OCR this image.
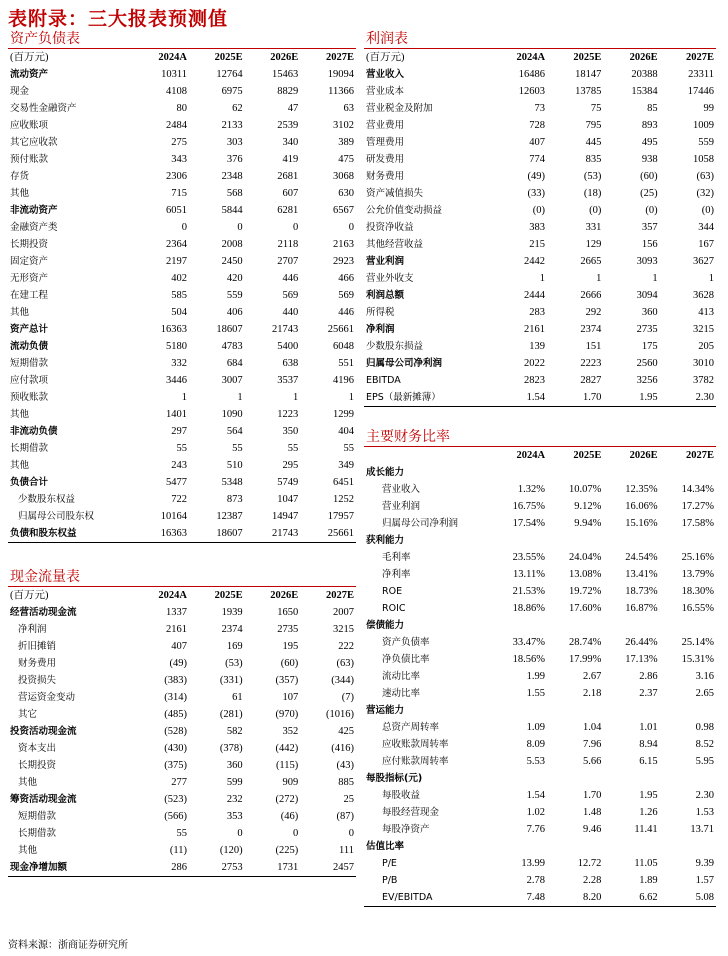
表附录：三大报表预测值
资产负债表
(百万元)	2024A	2025E	2026E	2027E
流动资产	10311	12764	15463	19094
现金	4108	6975	8829	11366
交易性金融资产	80	62	47	63
应收账项	2484	2133	2539	3102
其它应收款	275	303	340	389
预付账款	343	376	419	475
存货	2306	2348	2681	3068
其他	715	568	607	630
非流动资产	6051	5844	6281	6567
金融资产类	0	0	0	0
长期投资	2364	2008	2118	2163
固定资产	2197	2450	2707	2923
无形资产	402	420	446	466
在建工程	585	559	569	569
其他	504	406	440	446
资产总计	16363	18607	21743	25661
流动负债	5180	4783	5400	6048
短期借款	332	684	638	551
应付款项	3446	3007	3537	4196
预收账款	1	1	1	1
其他	1401	1090	1223	1299
非流动负债	297	564	350	404
长期借款	55	55	55	55
其他	243	510	295	349
负债合计	5477	5348	5749	6451
少数股东权益	722	873	1047	1252
归属母公司股东权	10164	12387	14947	17957
负债和股东权益	16363	18607	21743	25661
现金流量表
(百万元)	2024A	2025E	2026E	2027E
经营活动现金流	1337	1939	1650	2007
净利润	2161	2374	2735	3215
折旧摊销	407	169	195	222
财务费用	(49)	(53)	(60)	(63)
投资损失	(383)	(331)	(357)	(344)
营运资金变动	(314)	61	107	(7)
其它	(485)	(281)	(970)	(1016)
投资活动现金流	(528)	582	352	425
资本支出	(430)	(378)	(442)	(416)
长期投资	(375)	360	(115)	(43)
其他	277	599	909	885
筹资活动现金流	(523)	232	(272)	25
短期借款	(566)	353	(46)	(87)
长期借款	55	0	0	0
其他	(11)	(120)	(225)	111
现金净增加额	286	2753	1731	2457
利润表
(百万元)	2024A	2025E	2026E	2027E
营业收入	16486	18147	20388	23311
营业成本	12603	13785	15384	17446
营业税金及附加	73	75	85	99
营业费用	728	795	893	1009
管理费用	407	445	495	559
研发费用	774	835	938	1058
财务费用	(49)	(53)	(60)	(63)
资产减值损失	(33)	(18)	(25)	(32)
公允价值变动损益	(0)	(0)	(0)	(0)
投资净收益	383	331	357	344
其他经营收益	215	129	156	167
营业利润	2442	2665	3093	3627
营业外收支	1	1	1	1
利润总额	2444	2666	3094	3628
所得税	283	292	360	413
净利润	2161	2374	2735	3215
少数股东损益	139	151	175	205
归属母公司净利润	2022	2223	2560	3010
EBITDA	2823	2827	3256	3782
EPS（最新摊薄）	1.54	1.70	1.95	2.30
主要财务比率
	2024A	2025E	2026E	2027E
成长能力				
营业收入	1.32%	10.07%	12.35%	14.34%
营业利润	16.75%	9.12%	16.06%	17.27%
归属母公司净利润	17.54%	9.94%	15.16%	17.58%
获利能力				
毛利率	23.55%	24.04%	24.54%	25.16%
净利率	13.11%	13.08%	13.41%	13.79%
ROE	21.53%	19.72%	18.73%	18.30%
ROIC	18.86%	17.60%	16.87%	16.55%
偿债能力				
资产负债率	33.47%	28.74%	26.44%	25.14%
净负债比率	18.56%	17.99%	17.13%	15.31%
流动比率	1.99	2.67	2.86	3.16
速动比率	1.55	2.18	2.37	2.65
营运能力				
总资产周转率	1.09	1.04	1.01	0.98
应收账款周转率	8.09	7.96	8.94	8.52
应付账款周转率	5.53	5.66	6.15	5.95
每股指标(元)				
每股收益	1.54	1.70	1.95	2.30
每股经营现金	1.02	1.48	1.26	1.53
每股净资产	7.76	9.46	11.41	13.71
估值比率				
P/E	13.99	12.72	11.05	9.39
P/B	2.78	2.28	1.89	1.57
EV/EBITDA	7.48	8.20	6.62	5.08
资料来源：浙商证券研究所
